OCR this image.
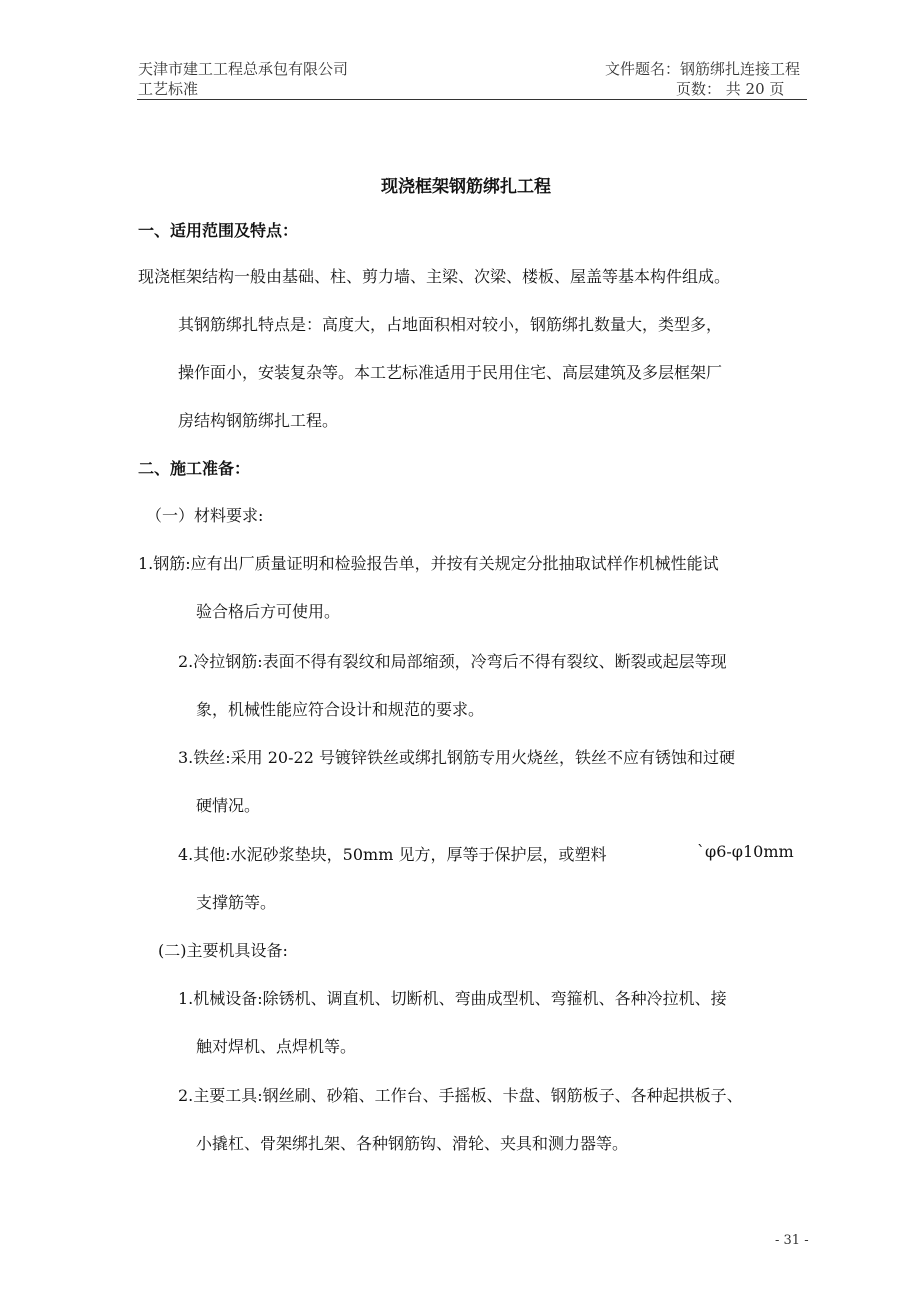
天津市建工工程总承包有限公司
工艺标准
文件题名：钢筋绑扎连接工程
页数： 共 20 页
现浇框架钢筋绑扎工程
一、适用范围及特点：
现浇框架结构一般由基础、柱、剪力墙、主梁、次梁、楼板、屋盖等基本构件组成。
其钢筋绑扎特点是：高度大，占地面积相对较小，钢筋绑扎数量大，类型多，
操作面小，安装复杂等。本工艺标准适用于民用住宅、高层建筑及多层框架厂
房结构钢筋绑扎工程。
二、施工准备：
（一）材料要求:
1.钢筋:应有出厂质量证明和检验报告单，并按有关规定分批抽取试样作机械性能试
验合格后方可使用。
2.冷拉钢筋:表面不得有裂纹和局部缩颈，冷弯后不得有裂纹、断裂或起层等现
象，机械性能应符合设计和规范的要求。
3.铁丝:采用 20-22 号镀锌铁丝或绑扎钢筋专用火烧丝，铁丝不应有锈蚀和过硬
硬情况。
4.其他:水泥砂浆垫块，50mm 见方，厚等于保护层，或塑料	`φ6-φ10mm
支撑筋等。
(二)主要机具设备:
1.机械设备:除锈机、调直机、切断机、弯曲成型机、弯箍机、各种冷拉机、接
触对焊机、点焊机等。
2.主要工具:钢丝刷、砂箱、工作台、手摇板、卡盘、钢筋板子、各种起拱板子、
小撬杠、骨架绑扎架、各种钢筋钩、滑轮、夹具和测力器等。
- 31 -
